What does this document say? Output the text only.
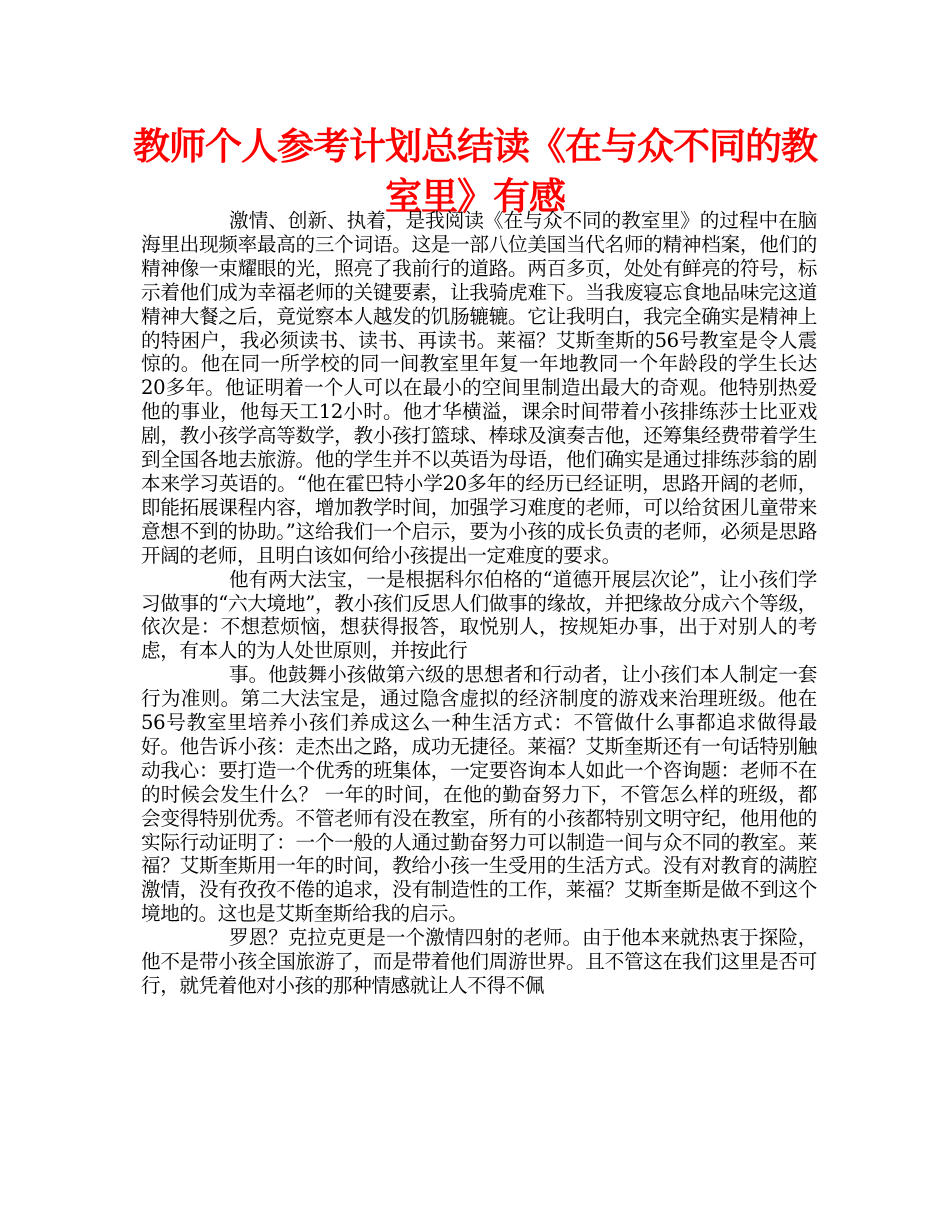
教师个人参考计划总结读《在与众不同的教室里》有感

激情、创新、执着，是我阅读《在与众不同的教室里》的过程中在脑海里出现频率最高的三个词语。这是一部八位美国当代名师的精神档案，他们的精神像一束耀眼的光，照亮了我前行的道路。两百多页，处处有鲜亮的符号，标示着他们成为幸福老师的关键要素，让我骑虎难下。当我废寝忘食地品味完这道精神大餐之后，竟觉察本人越发的饥肠辘辘。它让我明白，我完全确实是精神上的特困户，我必须读书、读书、再读书。莱福？艾斯奎斯的56号教室是令人震惊的。他在同一所学校的同一间教室里年复一年地教同一个年龄段的学生长达20多年。他证明着一个人可以在最小的空间里制造出最大的奇观。他特别热爱他的事业，他每天工12小时。他才华横溢，课余时间带着小孩排练莎士比亚戏剧，教小孩学高等数学，教小孩打篮球、棒球及演奏吉他，还筹集经费带着学生到全国各地去旅游。他的学生并不以英语为母语，他们确实是通过排练莎翁的剧本来学习英语的。“他在霍巴特小学20多年的经历已经证明，思路开阔的老师，即能拓展课程内容，增加教学时间，加强学习难度的老师，可以给贫困儿童带来意想不到的协助。”这给我们一个启示，要为小孩的成长负责的老师，必须是思路开阔的老师，且明白该如何给小孩提出一定难度的要求。

他有两大法宝，一是根据科尔伯格的“道德开展层次论”，让小孩们学习做事的“六大境地”，教小孩们反思人们做事的缘故，并把缘故分成六个等级，依次是：不想惹烦恼，想获得报答，取悦别人，按规矩办事，出于对别人的考虑，有本人的为人处世原则，并按此行

事。他鼓舞小孩做第六级的思想者和行动者，让小孩们本人制定一套行为准则。第二大法宝是，通过隐含虚拟的经济制度的游戏来治理班级。他在56号教室里培养小孩们养成这么一种生活方式：不管做什么事都追求做得最好。他告诉小孩：走杰出之路，成功无捷径。莱福？艾斯奎斯还有一句话特别触动我心：要打造一个优秀的班集体，一定要咨询本人如此一个咨询题：老师不在的时候会发生什么？ 一年的时间，在他的勤奋努力下，不管怎么样的班级，都会变得特别优秀。不管老师有没在教室，所有的小孩都特别文明守纪，他用他的实际行动证明了：一个一般的人通过勤奋努力可以制造一间与众不同的教室。莱福？艾斯奎斯用一年的时间，教给小孩一生受用的生活方式。没有对教育的满腔激情，没有孜孜不倦的追求，没有制造性的工作，莱福？艾斯奎斯是做不到这个境地的。这也是艾斯奎斯给我的启示。

罗恩？克拉克更是一个激情四射的老师。由于他本来就热衷于探险，他不是带小孩全国旅游了，而是带着他们周游世界。且不管这在我们这里是否可行，就凭着他对小孩的那种情感就让人不得不佩
